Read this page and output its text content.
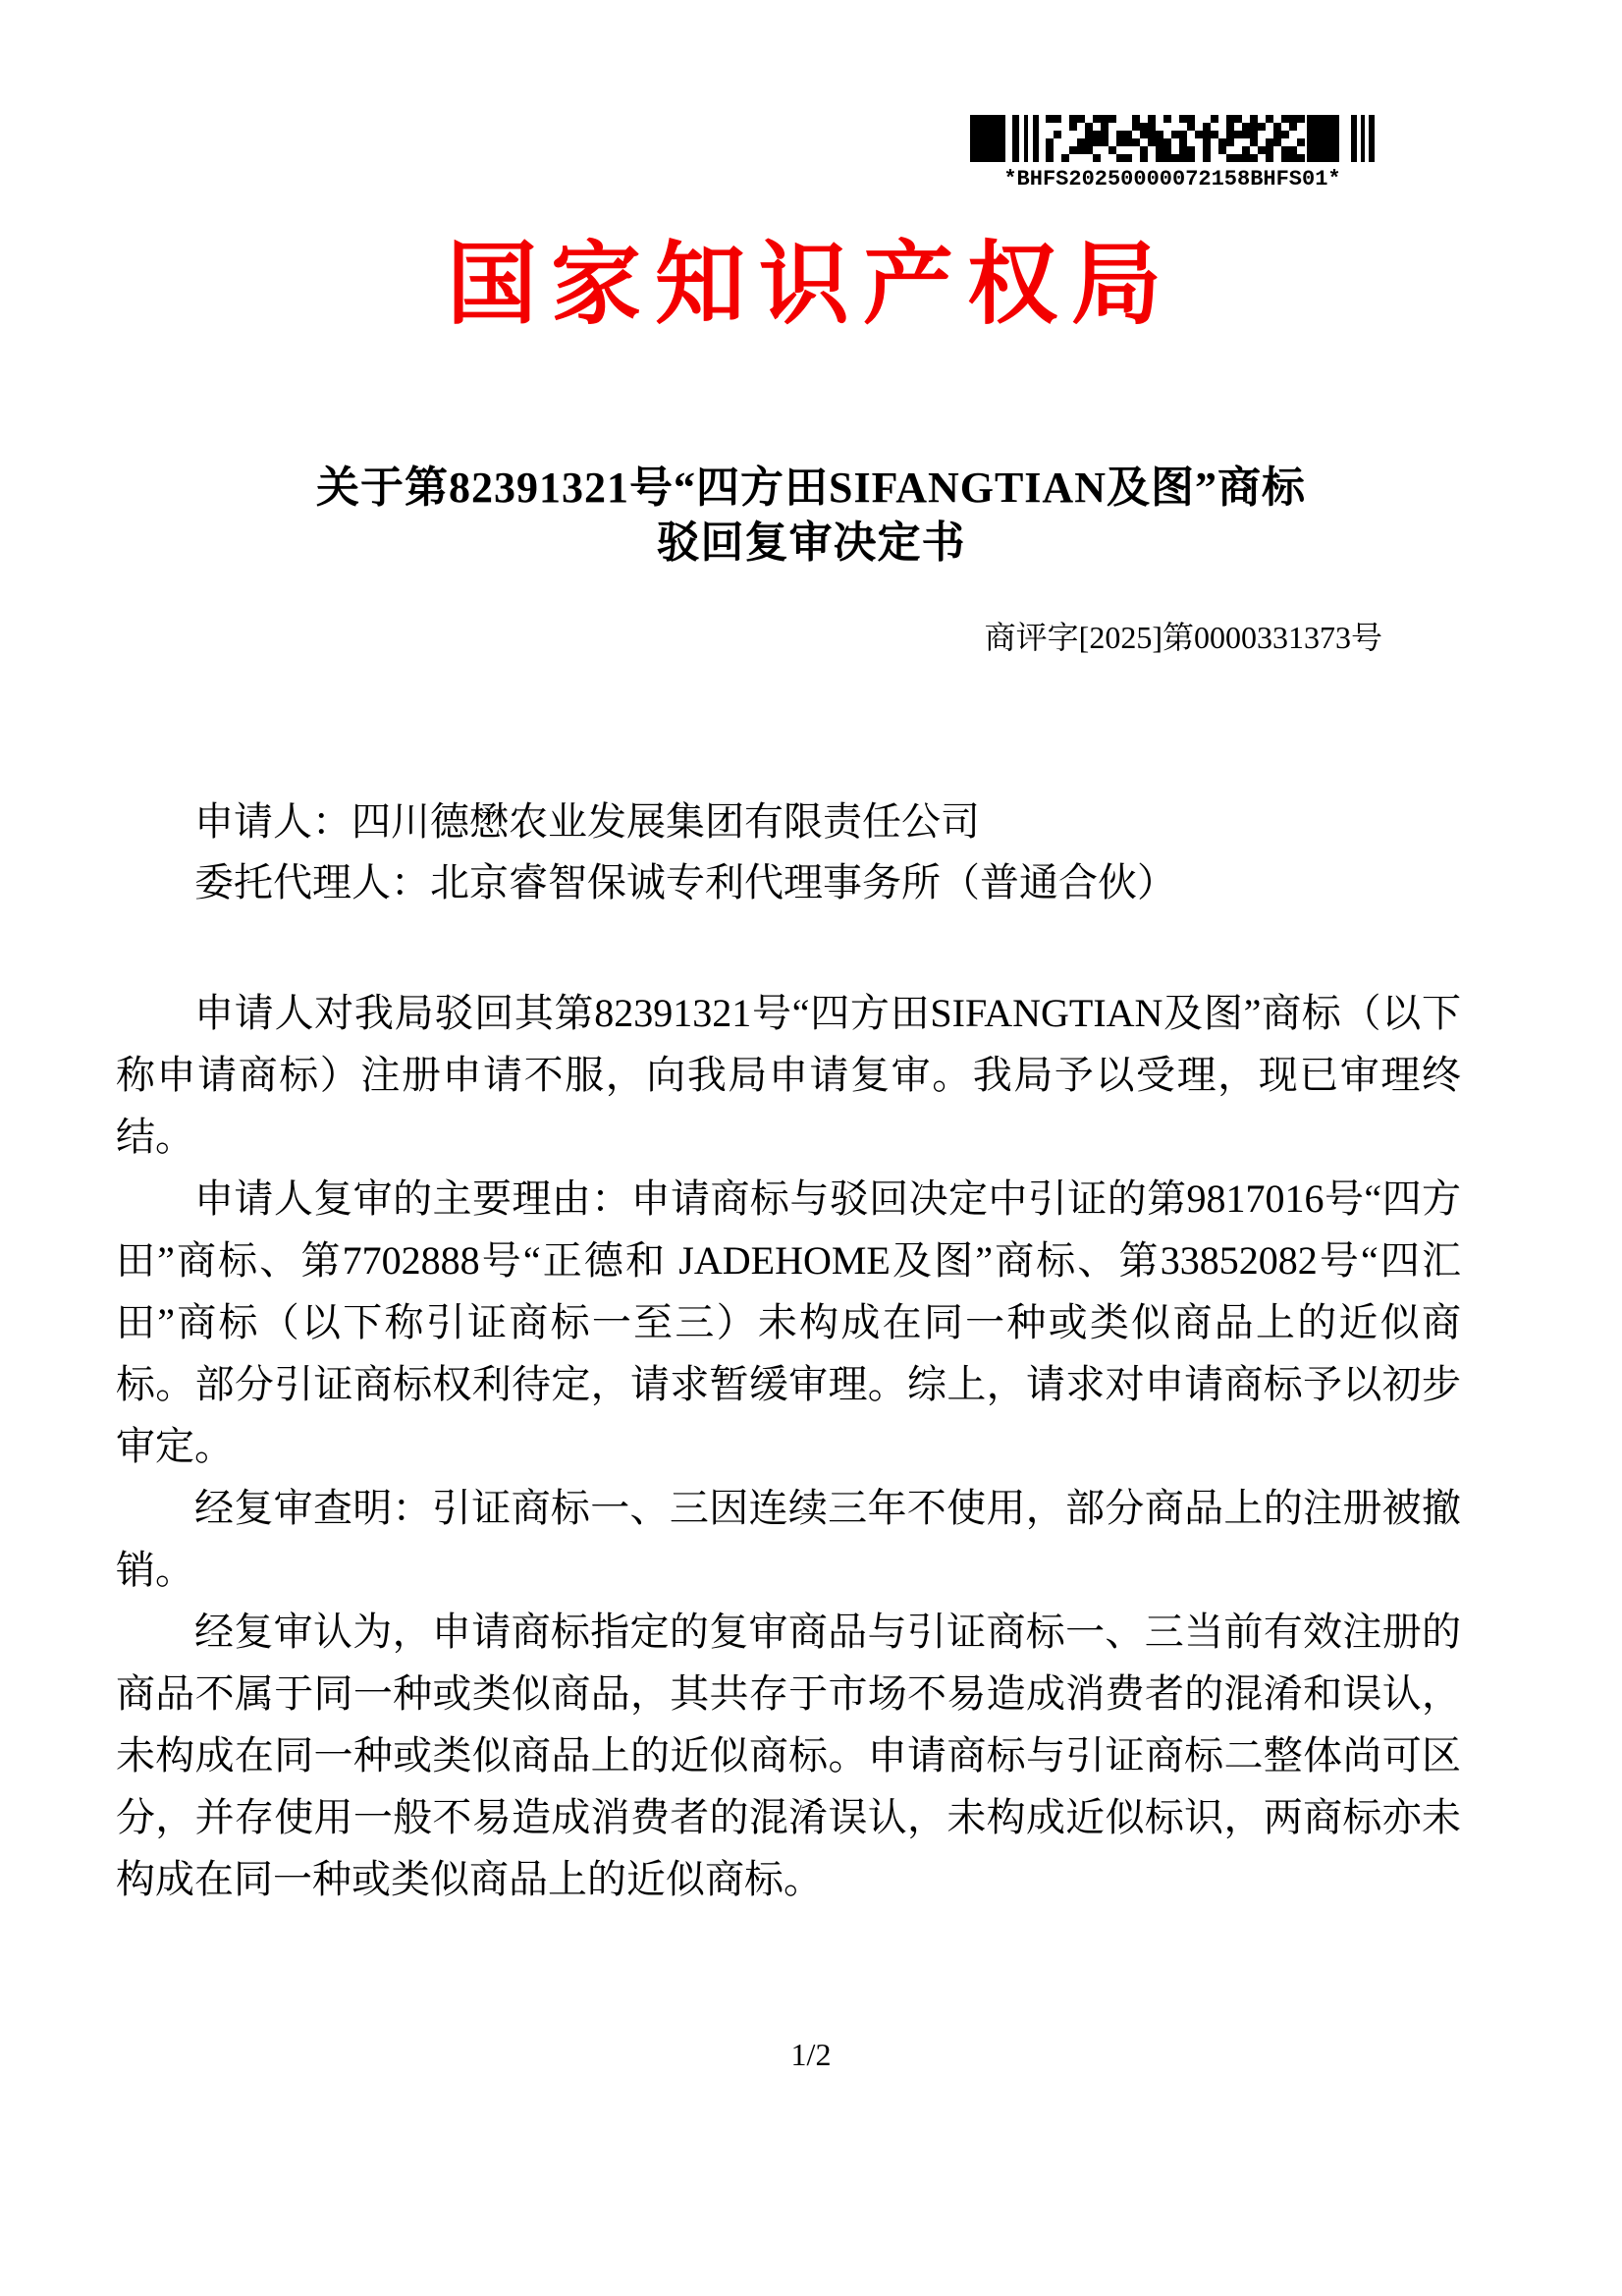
*BHFS20250000072158BHFS01*
国家知识产权局
关于第82391321号“四方田SIFANGTIAN及图”商标
驳回复审决定书
商评字[2025]第0000331373号

申请人：四川德懋农业发展集团有限责任公司

委托代理人：北京睿智保诚专利代理事务所（普通合伙）

申请人对我局驳回其第82391321号“四方田SIFANGTIAN及图”商标（以下称申请商标）注册申请不服，向我局申请复审。我局予以受理，现已审理终结。

申请人复审的主要理由：申请商标与驳回决定中引证的第9817016号“四方田”商标、第7702888号“正德和 JADEHOME及图”商标、第33852082号“四汇田”商标（以下称引证商标一至三）未构成在同一种或类似商品上的近似商标。部分引证商标权利待定，请求暂缓审理。综上，请求对申请商标予以初步审定。

经复审查明：引证商标一、三因连续三年不使用，部分商品上的注册被撤销。

经复审认为，申请商标指定的复审商品与引证商标一、三当前有效注册的商品不属于同一种或类似商品，其共存于市场不易造成消费者的混淆和误认，未构成在同一种或类似商品上的近似商标。申请商标与引证商标二整体尚可区分，并存使用一般不易造成消费者的混淆误认，未构成近似标识，两商标亦未构成在同一种或类似商品上的近似商标。

1/2
